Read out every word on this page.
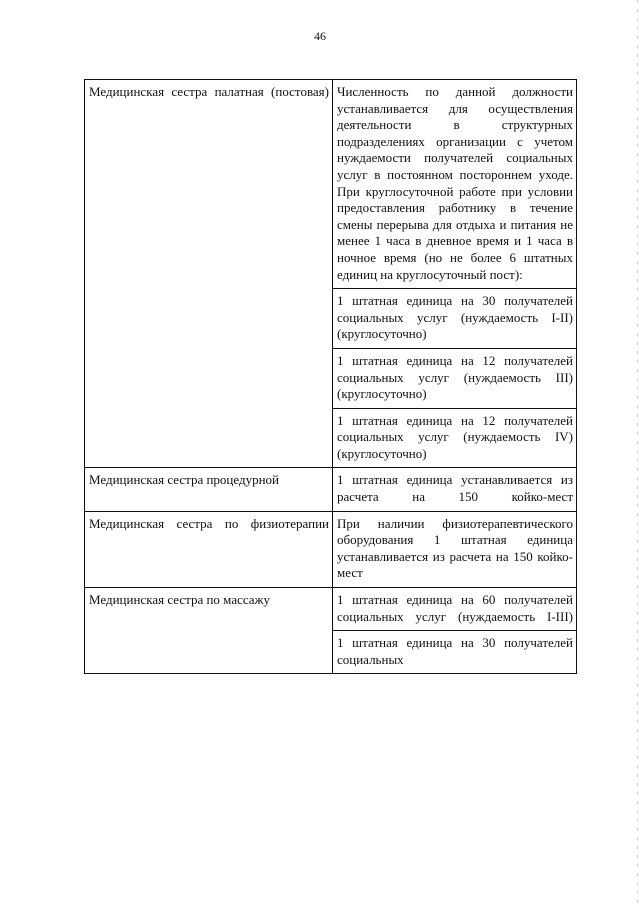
46
Медицинская сестра палатная (постовая)	Численность по данной должности устанавливается для осуществления деятельности в структурных подразделениях организации с учетом нуждаемости получателей социальных услуг в постоянном постороннем уходе.

При круглосуточной работе при условии предоставления работнику в течение смены перерыва для отдыха и питания не менее 1 часа в дневное время и 1 часа в ночное время (но не более 6 штатных единиц на круглосуточный пост):

	1 штатная единица на 30 получателей социальных услуг (нуждаемость I-II) (круглосуточно)
	1 штатная единица на 12 получателей социальных услуг (нуждаемость III) (круглосуточно)
	1 штатная единица на 12 получателей социальных услуг (нуждаемость IV) (круглосуточно)
Медицинская сестра процедурной	1 штатная единица устанавливается из расчета на 150 койко-мест
Медицинская сестра по физиотерапии	При наличии физиотерапевтического оборудования 1 штатная единица устанавливается из расчета на 150 койко-мест
Медицинская сестра по массажу	1 штатная единица на 60 получателей социальных услуг (нуждаемость I-III)
	1 штатная единица на 30 получателей социальных
